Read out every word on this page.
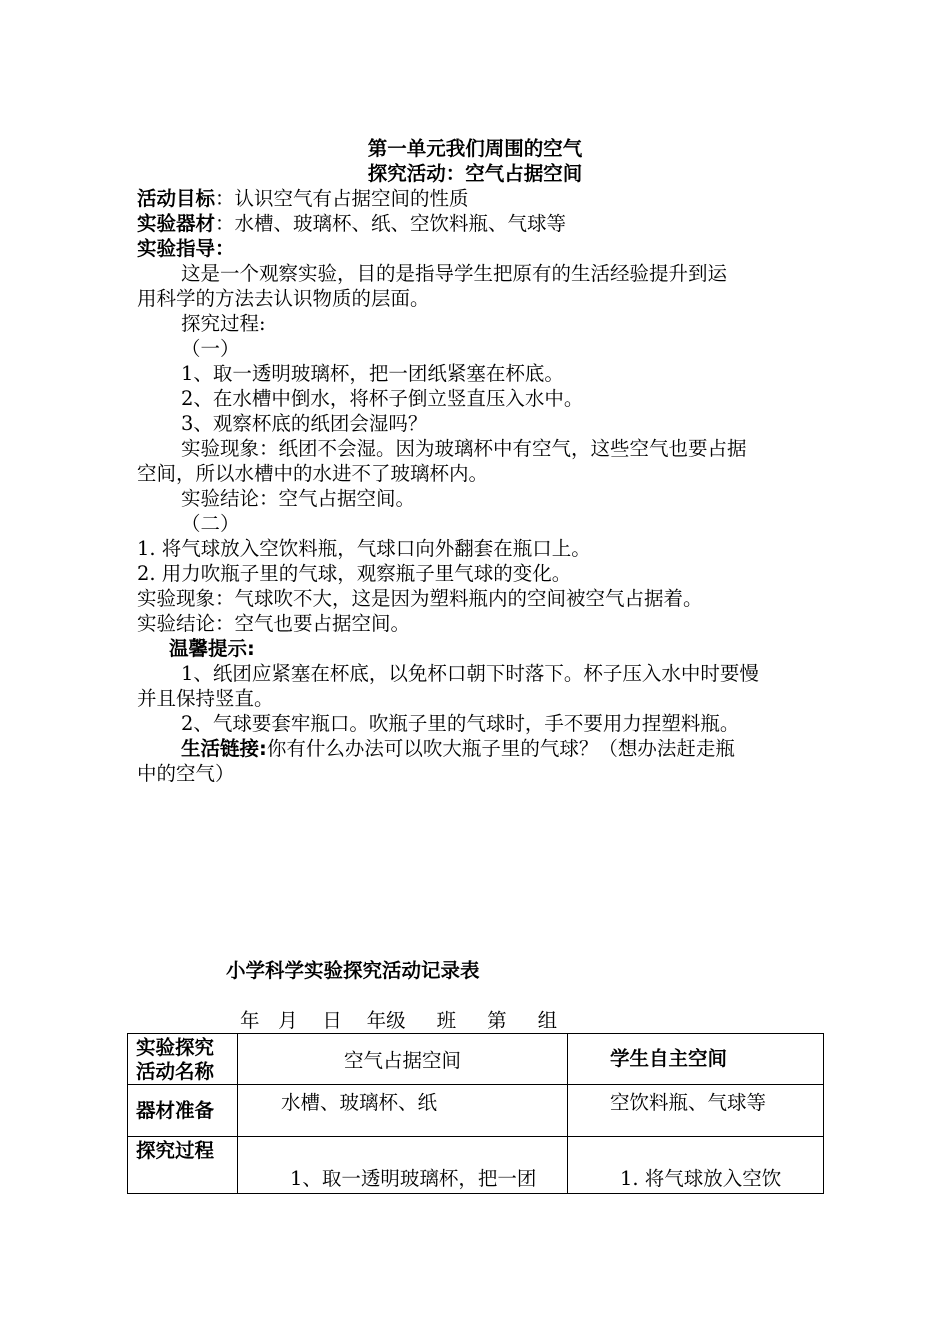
第一单元我们周围的空气
探究活动：空气占据空间
活动目标：认识空气有占据空间的性质
实验器材：水槽、玻璃杯、纸、空饮料瓶、气球等
实验指导：
这是一个观察实验，目的是指导学生把原有的生活经验提升到运
用科学的方法去认识物质的层面。
探究过程:
（一）
1、取一透明玻璃杯，把一团纸紧塞在杯底。
2、在水槽中倒水，将杯子倒立竖直压入水中。
3、观察杯底的纸团会湿吗？
实验现象：纸团不会湿。因为玻璃杯中有空气，这些空气也要占据
空间，所以水槽中的水进不了玻璃杯内。
实验结论：空气占据空间。
（二）
1. 将气球放入空饮料瓶，气球口向外翻套在瓶口上。
2. 用力吹瓶子里的气球，观察瓶子里气球的变化。
实验现象：气球吹不大，这是因为塑料瓶内的空间被空气占据着。
实验结论：空气也要占据空间。
温馨提示:
1、纸团应紧塞在杯底，以免杯口朝下时落下。杯子压入水中时要慢
并且保持竖直。
2、气球要套牢瓶口。吹瓶子里的气球时，手不要用力捏塑料瓶。
生活链接:你有什么办法可以吹大瓶子里的气球？（想办法赶走瓶
中的空气）
小学科学实验探究活动记录表
年   月    日    年级     班     第     组
实验探究
活动名称	空气占据空间	学生自主空间
器材准备	水槽、玻璃杯、纸	空饮料瓶、气球等
探究过程	1、取一透明玻璃杯，把一团	1. 将气球放入空饮
